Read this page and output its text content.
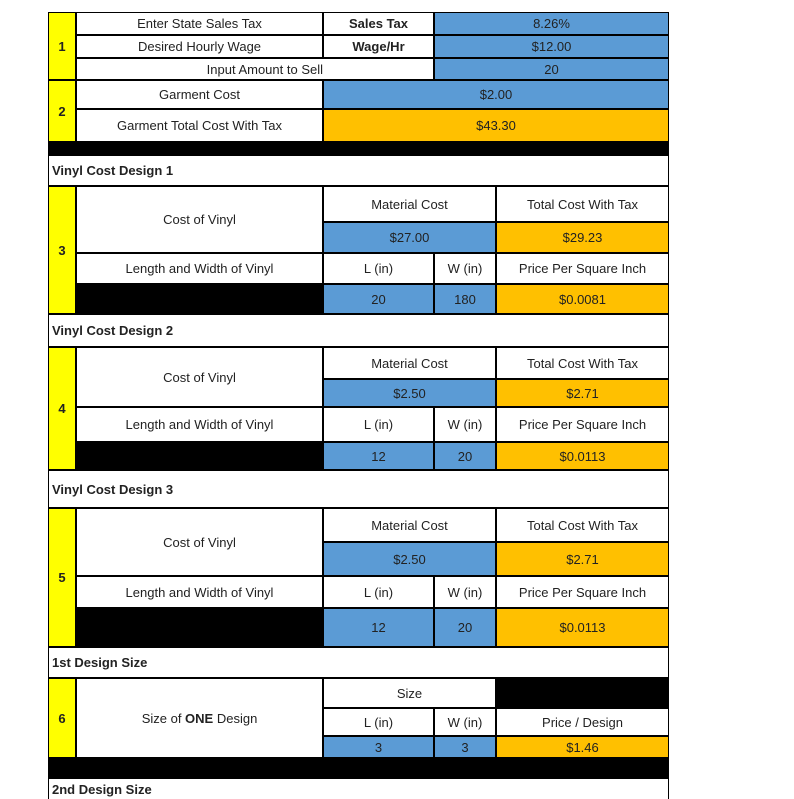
1
Enter State Sales Tax	Sales Tax	8.26%
Desired Hourly Wage	Wage/Hr	$12.00
Input Amount to Sell	20
2
Garment Cost	$2.00
Garment Total Cost With Tax	$43.30
Vinyl Cost Design 1
3
Cost of Vinyl
Material Cost	Total Cost With Tax
$27.00	$29.23
Length and Width of Vinyl	L (in)	W (in)	Price Per Square Inch
20	180	$0.0081
Vinyl Cost Design 2
4
Cost of Vinyl
Material Cost	Total Cost With Tax
$2.50	$2.71
Length and Width of Vinyl	L (in)	W (in)	Price Per Square Inch
12	20	$0.0113
Vinyl Cost Design 3
5
Cost of Vinyl
Material Cost	Total Cost With Tax
$2.50	$2.71
Length and Width of Vinyl	L (in)	W (in)	Price Per Square Inch
12	20	$0.0113
1st Design Size
6	Size of ONE Design
Size
L (in)	W (in)	Price / Design
3	3	$1.46
2nd Design Size
